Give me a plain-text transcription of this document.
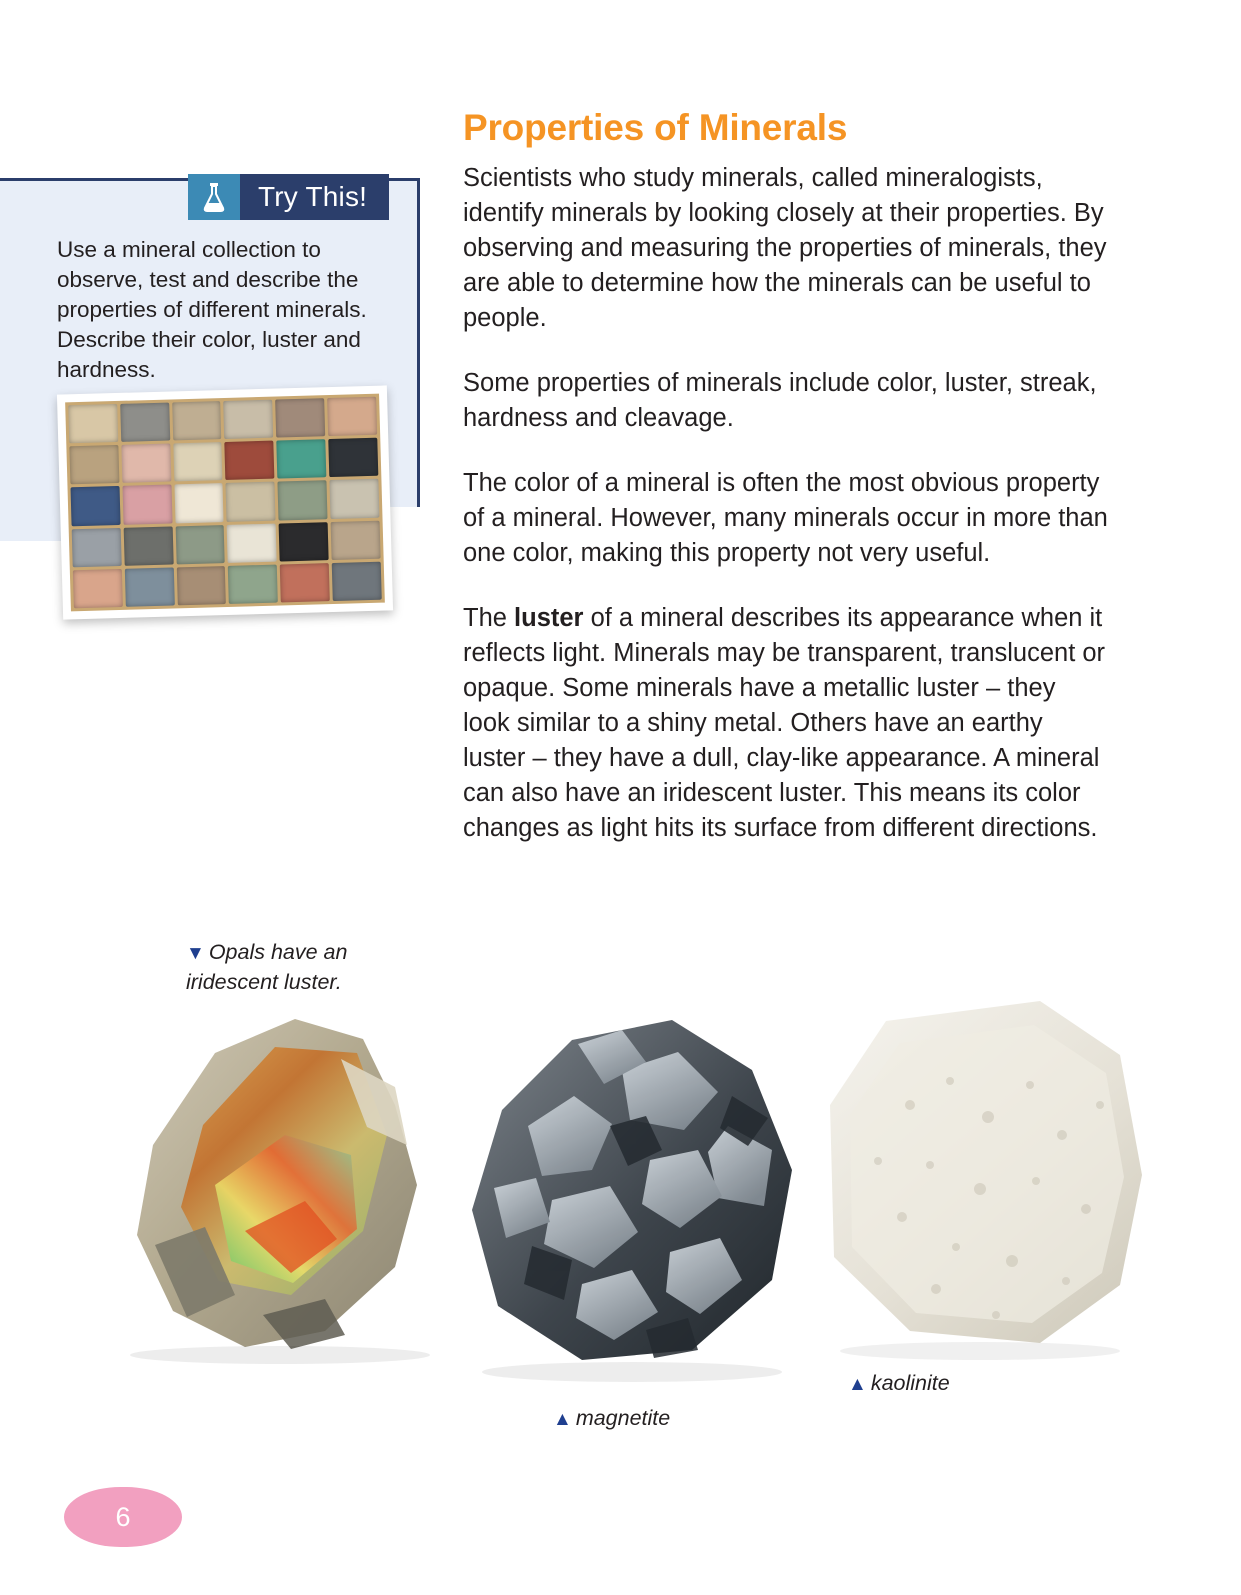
Try This!
Use a mineral collection to observe, test and describe the properties of different minerals. Describe their color, luster and hardness.
Properties of Minerals

Scientists who study minerals, called mineralogists, identify minerals by looking closely at their properties. By observing and measuring the properties of minerals, they are able to determine how the minerals can be useful to people.

Some properties of minerals include color, luster, streak, hardness and cleavage.

The color of a mineral is often the most obvious property of a mineral. However, many minerals occur in more than one color, making this property not very useful.

The luster of a mineral describes its appearance when it reflects light. Minerals may be transparent, translucent or opaque. Some minerals have a metallic luster – they look similar to a shiny metal. Others have an earthy luster – they have a dull, clay-like appearance. A mineral can also have an iridescent luster. This means its color changes as light hits its surface from different directions.

▼ Opals have an iridescent luster.
▲ magnetite
▲ kaolinite
6
